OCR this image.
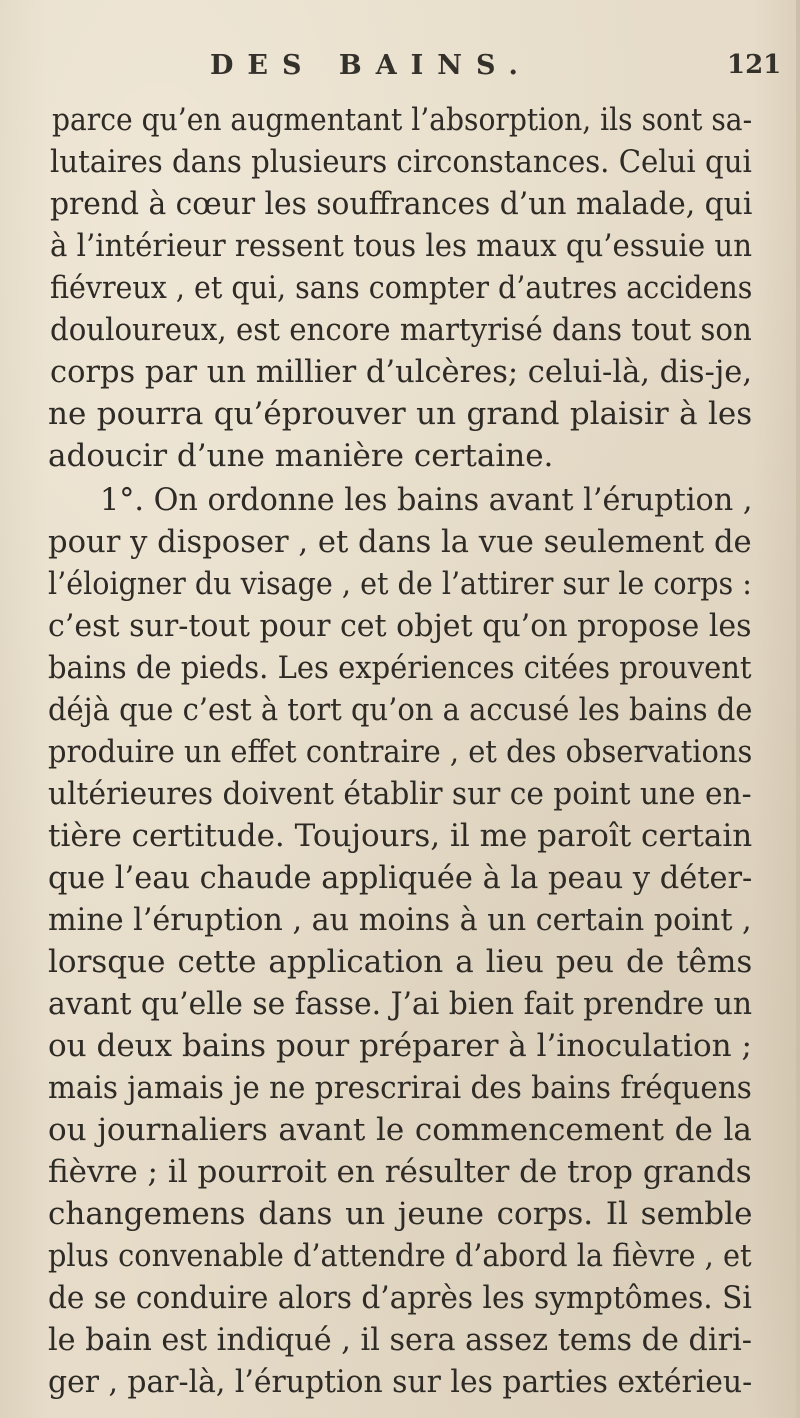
DES BAINS.	121
parce qu’en augmentant l’absorption, ils sont sa-
lutaires dans plusieurs circonstances. Celui qui
prend à cœur les souffrances d’un malade, qui
à l’intérieur ressent tous les maux qu’essuie un
fiévreux , et qui, sans compter d’autres accidens
douloureux, est encore martyrisé dans tout son
corps par un millier d’ulcères; celui-là, dis-je,
ne pourra qu’éprouver un grand plaisir à les
adoucir d’une manière certaine.
1°. On ordonne les bains avant l’éruption ,
pour y disposer , et dans la vue seulement de
l’éloigner du visage , et de l’attirer sur le corps :
c’est sur-tout pour cet objet qu’on propose les
bains de pieds. Les expériences citées prouvent
déjà que c’est à tort qu’on a accusé les bains de
produire un effet contraire , et des observations
ultérieures doivent établir sur ce point une en-
tière certitude. Toujours, il me paroît certain
que l’eau chaude appliquée à la peau y déter-
mine l’éruption , au moins à un certain point ,
lorsque cette application a lieu peu de têms
avant qu’elle se fasse. J’ai bien fait prendre un
ou deux bains pour préparer à l’inoculation ;
mais jamais je ne prescrirai des bains fréquens
ou journaliers avant le commencement de la
fièvre ; il pourroit en résulter de trop grands
changemens dans un jeune corps. Il semble
plus convenable d’attendre d’abord la fièvre , et
de se conduire alors d’après les symptômes. Si
le bain est indiqué , il sera assez tems de diri-
ger , par-là, l’éruption sur les parties extérieu-
